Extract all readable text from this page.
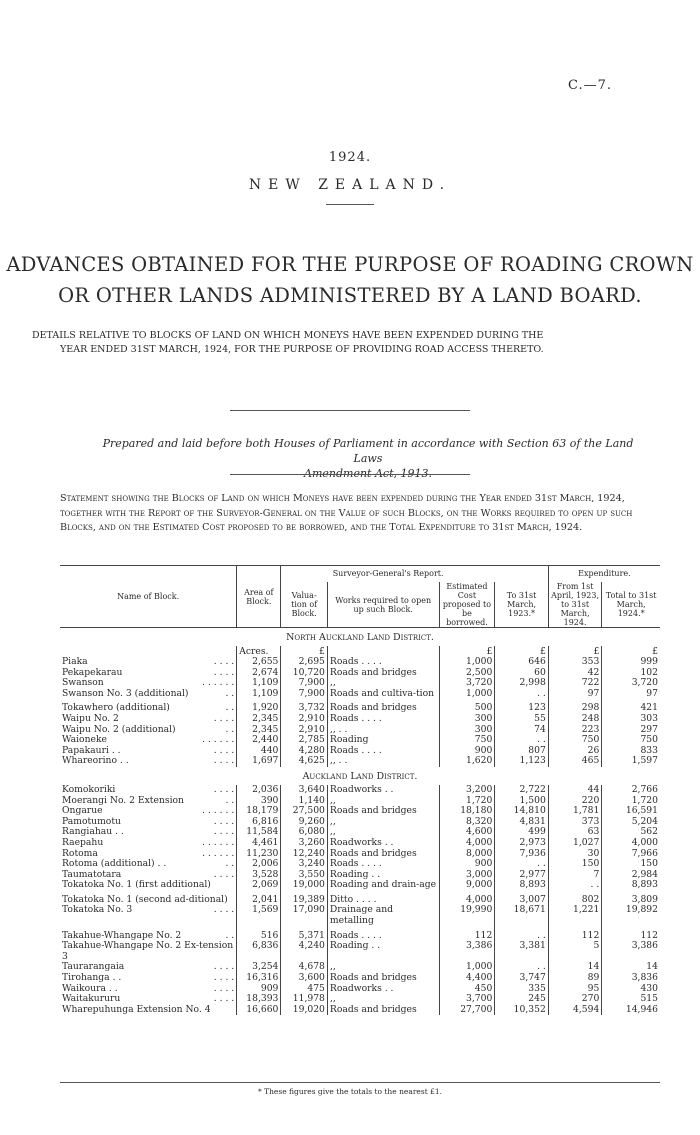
C.—7.
1924.
NEW ZEALAND.
ADVANCES OBTAINED FOR THE PURPOSE OF ROADING CROWN
OR OTHER LANDS ADMINISTERED BY A LAND BOARD.
DETAILS RELATIVE TO BLOCKS OF LAND ON WHICH MONEYS HAVE BEEN EXPENDED DURING THE
YEAR ENDED 31ST MARCH, 1924, FOR THE PURPOSE OF PROVIDING ROAD ACCESS THERETO.
Prepared and laid before both Houses of Parliament in accordance with Section 63 of the Land Laws
Amendment Act, 1913.
Statement showing the Blocks of Land on which Moneys have been expended during the Year ended 31st March, 1924, together with the Report of the Surveyor-General on the Value of such Blocks, on the Works required to open up such Blocks, and on the Estimated Cost proposed to be borrowed, and the Total Expenditure to 31st March, 1924.
Name of Block.	Area of Block.	Surveyor-General's Report.				Expenditure.	
		Valua- tion of Block.	Works required to open up such Block.	Estimated Cost proposed to be borrowed.	To 31st March, 1923.*	From 1st April, 1923, to 31st March, 1924.	Total to 31st March, 1924.*
North Auckland Land District.							
	Acres.	£		£	£	£	£
Piaka . . . .	2,655	2,695	Roads . . . .	1,000	646	353	999
Pekapekarau . . . .	2,674	10,720	Roads and bridges	2,500	60	42	102
Swanson . . . . . .	1,109	7,900	,,	3,720	2,998	722	3,720
Swanson No. 3 (additional) . .	1,109	7,900	Roads and cultiva-tion	1,000	. .	97	97

Tokawhero (additional) . .	1,920	3,732	Roads and bridges	500	123	298	421
Waipu No. 2 . . . .	2,345	2,910	Roads . . . .	300	55	248	303
Waipu No. 2 (additional) . .	2,345	2,910	,, . .	300	74	223	297
Waioneke . . . . . .	2,440	2,785	Roading	750	. .	750	750
Papakauri . . . . . .	440	4,280	Roads . . . .	900	807	26	833
Whareorino . . . . . .	1,697	4,625	,, . .	1,620	1,123	465	1,597
Auckland Land District.							
Komokoriki . . . .	2,036	3,640	Roadworks . .	3,200	2,722	44	2,766
Moerangi No. 2 Extension . .	390	1,140	,,	1,720	1,500	220	1,720
Ongarue . . . . . .	18,179	27,500	Roads and bridges	18,180	14,810	1,781	16,591
Pamotumotu . . . .	6,816	9,260	,,	8,320	4,831	373	5,204
Rangiahau . . . . . .	11,584	6,080	,,	4,600	499	63	562
Raepahu . . . . . .	4,461	3,260	Roadworks . .	4,000	2,973	1,027	4,000
Rotoma . . . . . .	11,230	12,240	Roads and bridges	8,000	7,936	30	7,966
Rotoma (additional) . . . .	2,006	3,240	Roads . . . .	900	. .	150	150
Taumatotara . . . .	3,528	3,550	Roading . .	3,000	2,977	7	2,984
Tokatoka No. 1 (first additional)	2,069	19,000	Roading and drain-age	9,000	8,893	. .	8,893

Tokatoka No. 1 (second ad-ditional)	2,041	19,389	Ditto . . . .	4,000	3,007	802	3,809
Tokatoka No. 3 . . . .	1,569	17,090	Drainage and metalling	19,990	18,671	1,221	19,892

Takahue-Whangape No. 2 . .	516	5,371	Roads . . . .	112	. .	112	112
Takahue-Whangape No. 2 Ex-tension 3	6,836	4,240	Roading . .	3,386	3,381	5	3,386
Taurarangaia . . . .	3,254	4,678	,,	1,000	. .	14	14
Tirohanga . . . . . .	16,316	3,600	Roads and bridges	4,400	3,747	89	3,836
Waikoura . . . . . .	909	475	Roadworks . .	450	335	95	430
Waitakururu . . . .	18,393	11,978	,,	3,700	245	270	515
Wharepuhunga Extension No. 4	16,660	19,020	Roads and bridges	27,700	10,352	4,594	14,946
* These figures give the totals to the nearest £1.
